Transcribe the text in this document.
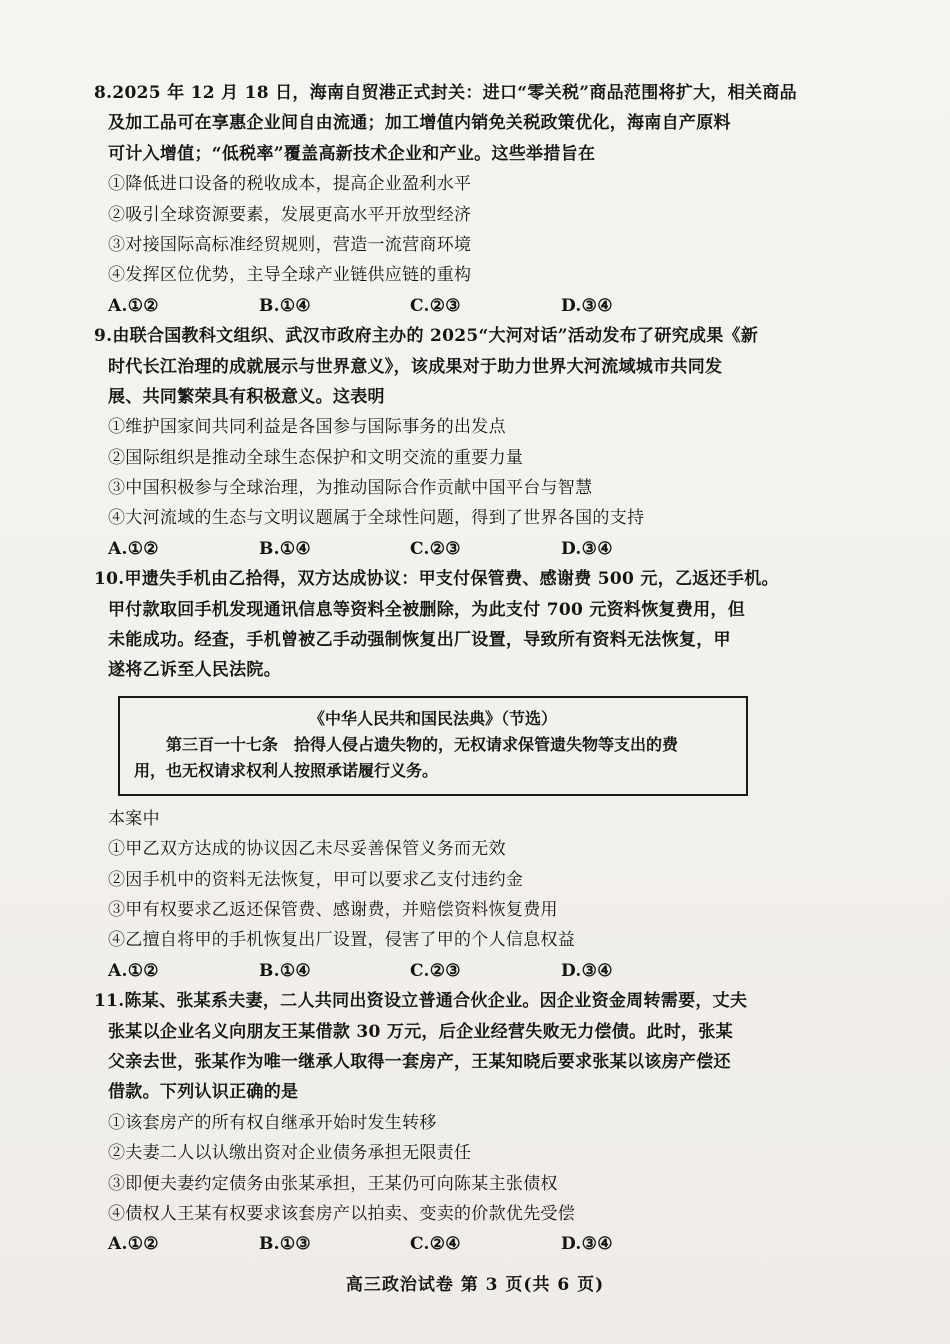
8.2025 年 12 月 18 日，海南自贸港正式封关：进口“零关税”商品范围将扩大，相关商品
及加工品可在享惠企业间自由流通；加工增值内销免关税政策优化，海南自产原料
可计入增值；“低税率”覆盖高新技术企业和产业。这些举措旨在
①降低进口设备的税收成本，提高企业盈利水平
②吸引全球资源要素，发展更高水平开放型经济
③对接国际高标准经贸规则，营造一流营商环境
④发挥区位优势，主导全球产业链供应链的重构
A.①②	B.①④	C.②③	D.③④
9.由联合国教科文组织、武汉市政府主办的 2025“大河对话”活动发布了研究成果《新
时代长江治理的成就展示与世界意义》，该成果对于助力世界大河流域城市共同发
展、共同繁荣具有积极意义。这表明
①维护国家间共同利益是各国参与国际事务的出发点
②国际组织是推动全球生态保护和文明交流的重要力量
③中国积极参与全球治理，为推动国际合作贡献中国平台与智慧
④大河流域的生态与文明议题属于全球性问题，得到了世界各国的支持
A.①②	B.①④	C.②③	D.③④
10.甲遗失手机由乙拾得，双方达成协议：甲支付保管费、感谢费 500 元，乙返还手机。
甲付款取回手机发现通讯信息等资料全被删除，为此支付 700 元资料恢复费用，但
未能成功。经查，手机曾被乙手动强制恢复出厂设置，导致所有资料无法恢复，甲
遂将乙诉至人民法院。
《中华人民共和国民法典》（节选）
第三百一十七条　拾得人侵占遗失物的，无权请求保管遗失物等支出的费
用，也无权请求权利人按照承诺履行义务。
本案中
①甲乙双方达成的协议因乙未尽妥善保管义务而无效
②因手机中的资料无法恢复，甲可以要求乙支付违约金
③甲有权要求乙返还保管费、感谢费，并赔偿资料恢复费用
④乙擅自将甲的手机恢复出厂设置，侵害了甲的个人信息权益
A.①②	B.①④	C.②③	D.③④
11.陈某、张某系夫妻，二人共同出资设立普通合伙企业。因企业资金周转需要，丈夫
张某以企业名义向朋友王某借款 30 万元，后企业经营失败无力偿债。此时，张某
父亲去世，张某作为唯一继承人取得一套房产，王某知晓后要求张某以该房产偿还
借款。下列认识正确的是
①该套房产的所有权自继承开始时发生转移
②夫妻二人以认缴出资对企业债务承担无限责任
③即便夫妻约定债务由张某承担，王某仍可向陈某主张债权
④债权人王某有权要求该套房产以拍卖、变卖的价款优先受偿
A.①②	B.①③	C.②④	D.③④
高三政治试卷 第 3 页(共 6 页)
